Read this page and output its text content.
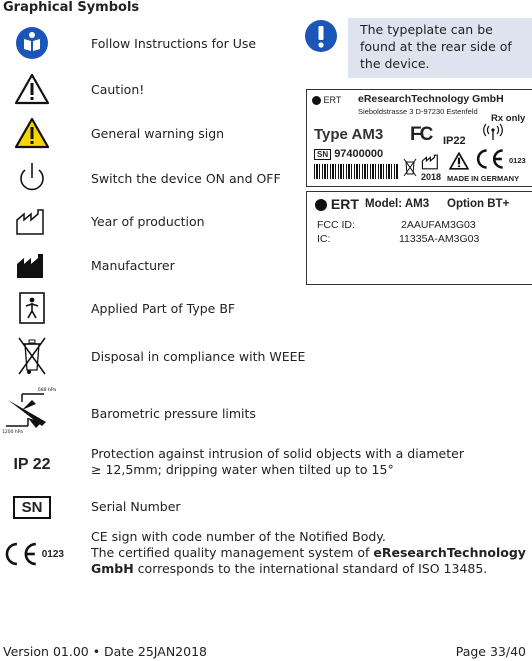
Graphical Symbols
Follow Instructions for Use
Caution!
General warning sign
Switch the device ON and OFF
Year of production
Manufacturer
Applied Part of Type BF
Disposal in compliance with WEEE
688 hPa
1200 hPa
Barometric pressure limits
IP 22
Protection against intrusion of solid objects with a diameter
≥ 12,5mm; dripping water when tilted up to 15°
SN	Serial Number
0123
CE sign with code number of the Notified Body.
The certified quality management system of eResearchTechnology
GmbH corresponds to the international standard of ISO 13485.
The typeplate can be found at the rear side of the device.
ERT eResearchTechnology GmbH
Sieboldstrasse 3 D-97230 Estenfeld
Rx only
Type AM3 FC IP22
SN 97400000
2018
0123
MADE IN GERMANY
ERT Model: AM3 Option BT+
FCC ID:	2AAUFAM3G03
IC:	11335A-AM3G03
Version 01.00 • Date 25JAN2018	Page 33/40
